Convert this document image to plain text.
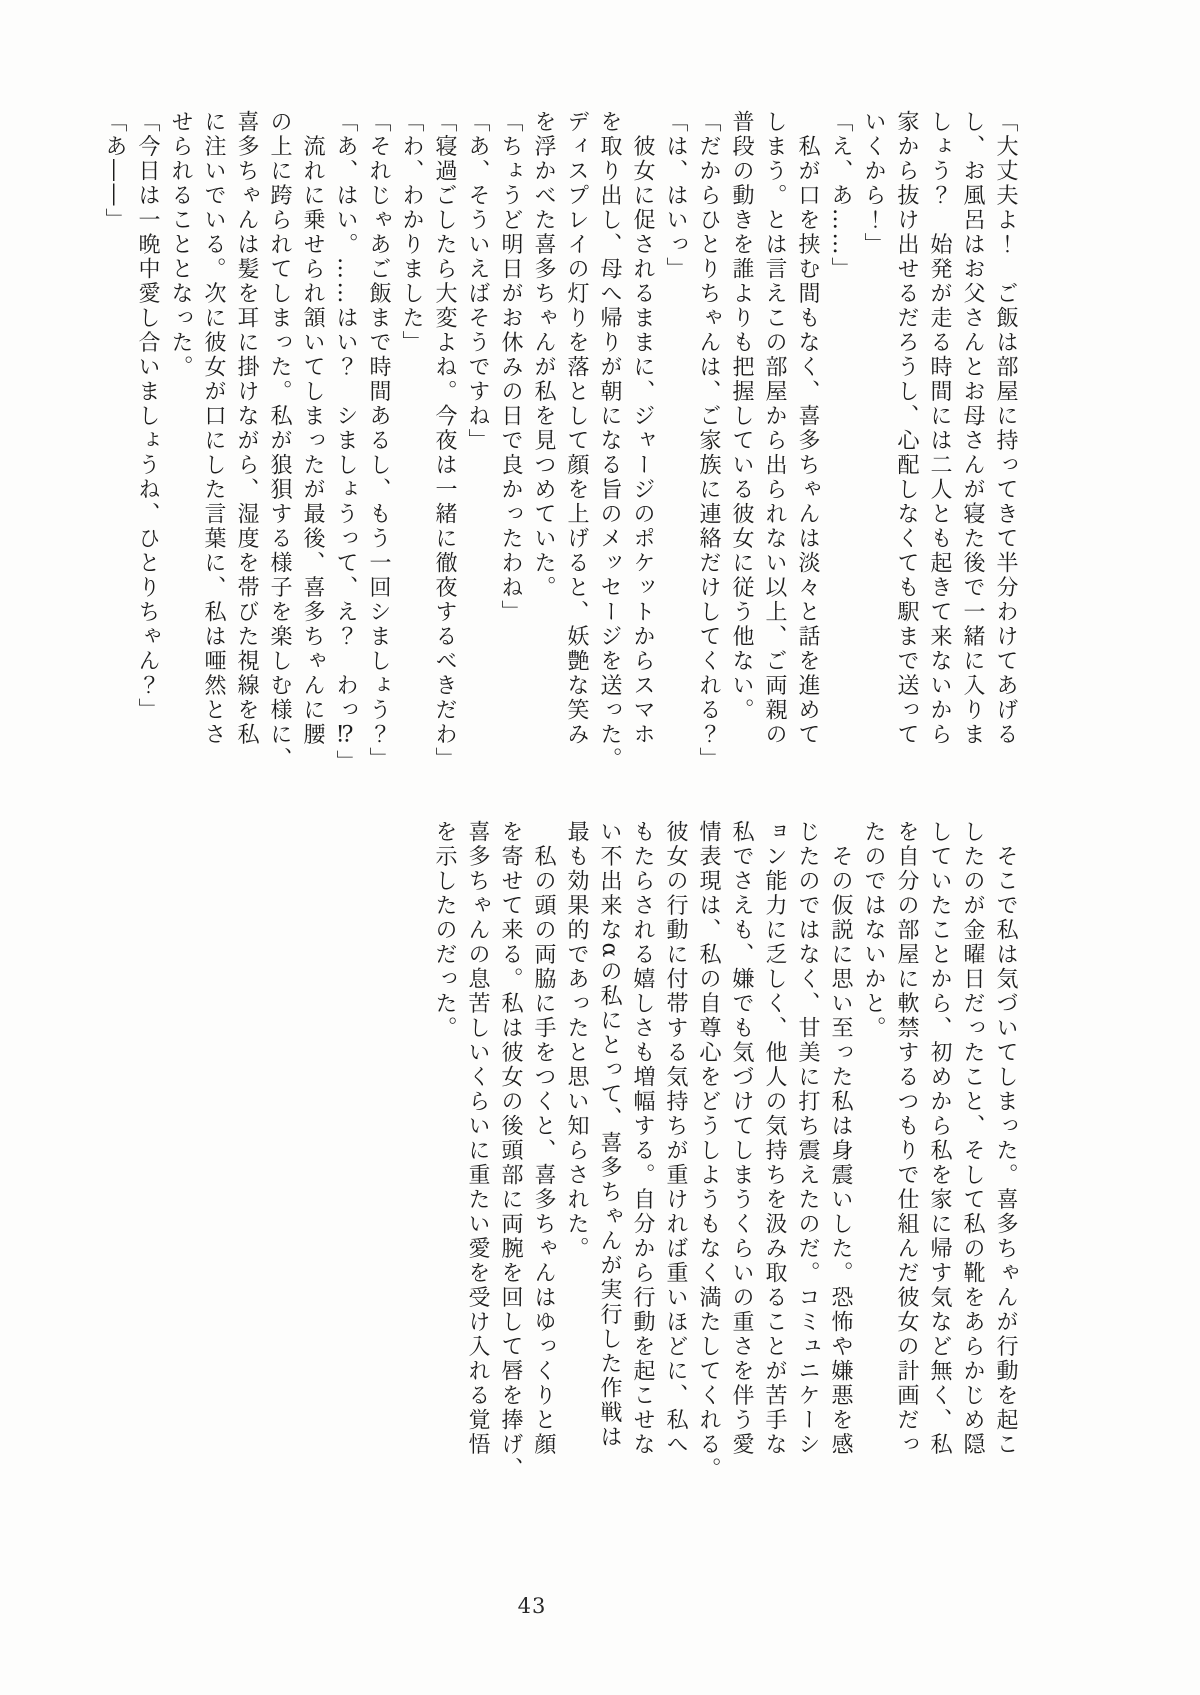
「大丈夫よ！　ご飯は部屋に持ってきて半分わけてあげる
し、お風呂はお父さんとお母さんが寝た後で一緒に入りま
しょう？　始発が走る時間には二人とも起きて来ないから
家から抜け出せるだろうし、心配しなくても駅まで送って
いくから！」
「え、あ……」
　私が口を挟む間もなく、喜多ちゃんは淡々と話を進めて
しまう。とは言えこの部屋から出られない以上、ご両親の
普段の動きを誰よりも把握している彼女に従う他ない。
「だからひとりちゃんは、ご家族に連絡だけしてくれる？」
「は、はいっ」
　彼女に促されるままに、ジャージのポケットからスマホ
を取り出し、母へ帰りが朝になる旨のメッセージを送った。
ディスプレイの灯りを落として顔を上げると、妖艶な笑み
を浮かべた喜多ちゃんが私を見つめていた。
「ちょうど明日がお休みの日で良かったわね」
「あ、そういえばそうですね」
「寝過ごしたら大変よね。今夜は一緒に徹夜するべきだわ」
「わ、わかりました」
「それじゃあご飯まで時間あるし、もう一回シましょう？」
「あ、はい。……はい？　シましょうって、え？　わっ⁉」
　流れに乗せられ頷いてしまったが最後、喜多ちゃんに腰
の上に跨られてしまった。私が狼狽する様子を楽しむ様に、
喜多ちゃんは髪を耳に掛けながら、湿度を帯びた視線を私
に注いでいる。次に彼女が口にした言葉に、私は唖然とさ
せられることとなった。
「今日は一晩中愛し合いましょうね、ひとりちゃん？」
「あ――」
　そこで私は気づいてしまった。喜多ちゃんが行動を起こ
したのが金曜日だったこと、そして私の靴をあらかじめ隠
していたことから、初めから私を家に帰す気など無く、私
を自分の部屋に軟禁するつもりで仕組んだ彼女の計画だっ
たのではないかと。
　その仮説に思い至った私は身震いした。恐怖や嫌悪を感
じたのではなく、甘美に打ち震えたのだ。コミュニケーシ
ョン能力に乏しく、他人の気持ちを汲み取ることが苦手な
私でさえも、嫌でも気づけてしまうくらいの重さを伴う愛
情表現は、私の自尊心をどうしようもなく満たしてくれる。
彼女の行動に付帯する気持ちが重ければ重いほどに、私へ
もたらされる嬉しさも増幅する。自分から行動を起こせな
い不出来なαの私にとって、喜多ちゃんが実行した作戦は
最も効果的であったと思い知らされた。
　私の頭の両脇に手をつくと、喜多ちゃんはゆっくりと顔
を寄せて来る。私は彼女の後頭部に両腕を回して唇を捧げ、
喜多ちゃんの息苦しいくらいに重たい愛を受け入れる覚悟
を示したのだった。
43
